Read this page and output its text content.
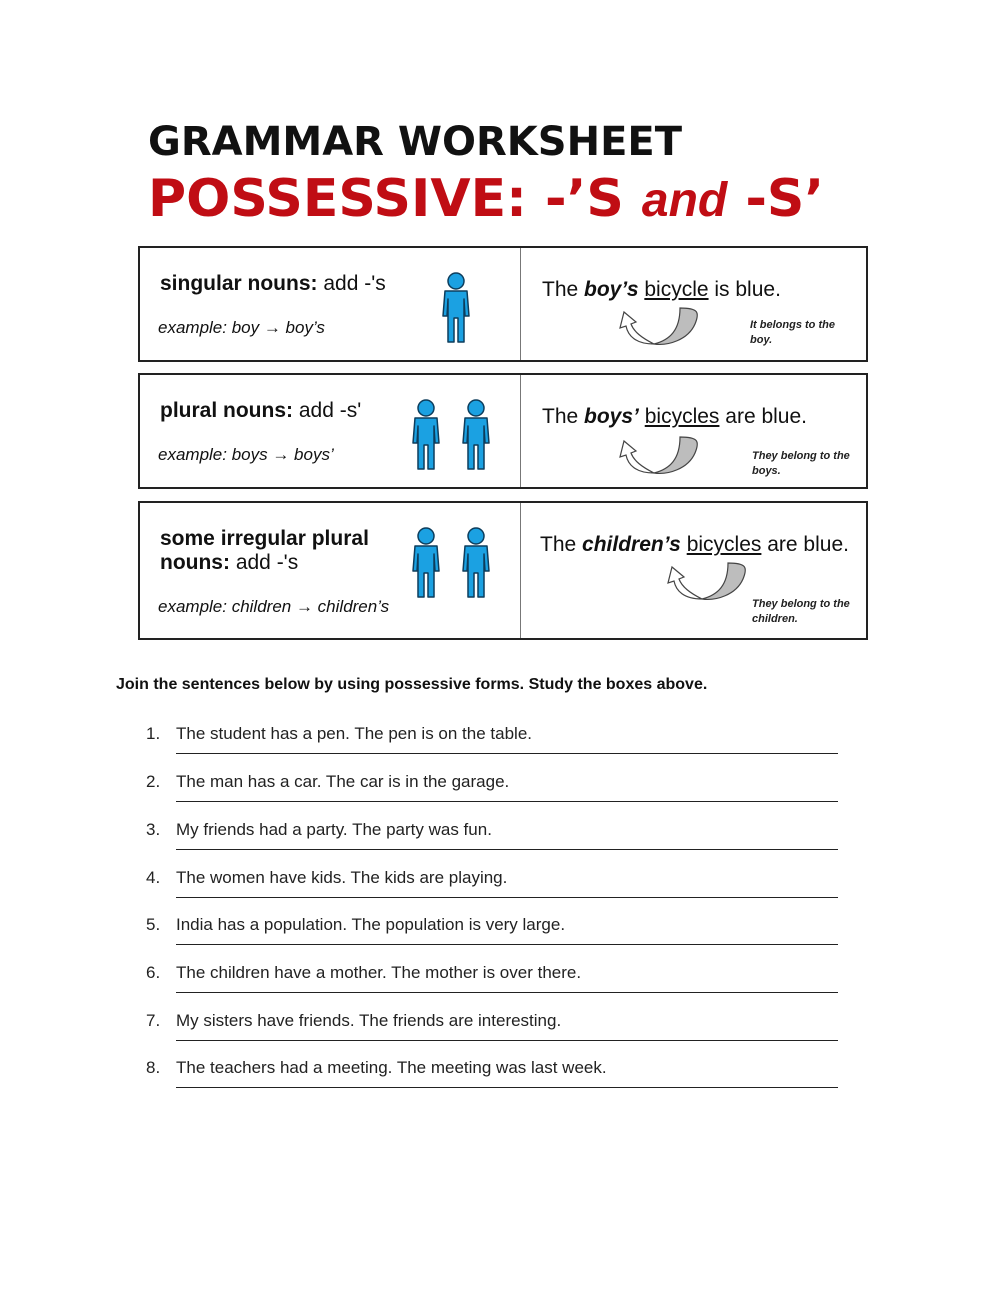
GRAMMAR WORKSHEET
POSSESSIVE: -’S and -S’
singular nouns: add -'s
example: boy → boy’s
The boy’s bicycle is blue.
It belongs to the boy.
plural nouns: add -s'
example: boys → boys’
The boys’ bicycles are blue.
They belong to the boys.
some irregular plural nouns: add -'s
example: children → children’s
The children’s bicycles are blue.
They belong to the children.
Join the sentences below by using possessive forms. Study the boxes above.
1. The student has a pen. The pen is on the table.
2. The man has a car. The car is in the garage.
3. My friends had a party. The party was fun.
4. The women have kids. The kids are playing.
5. India has a population. The population is very large.
6. The children have a mother. The mother is over there.
7. My sisters have friends. The friends are interesting.
8. The teachers had a meeting. The meeting was last week.
